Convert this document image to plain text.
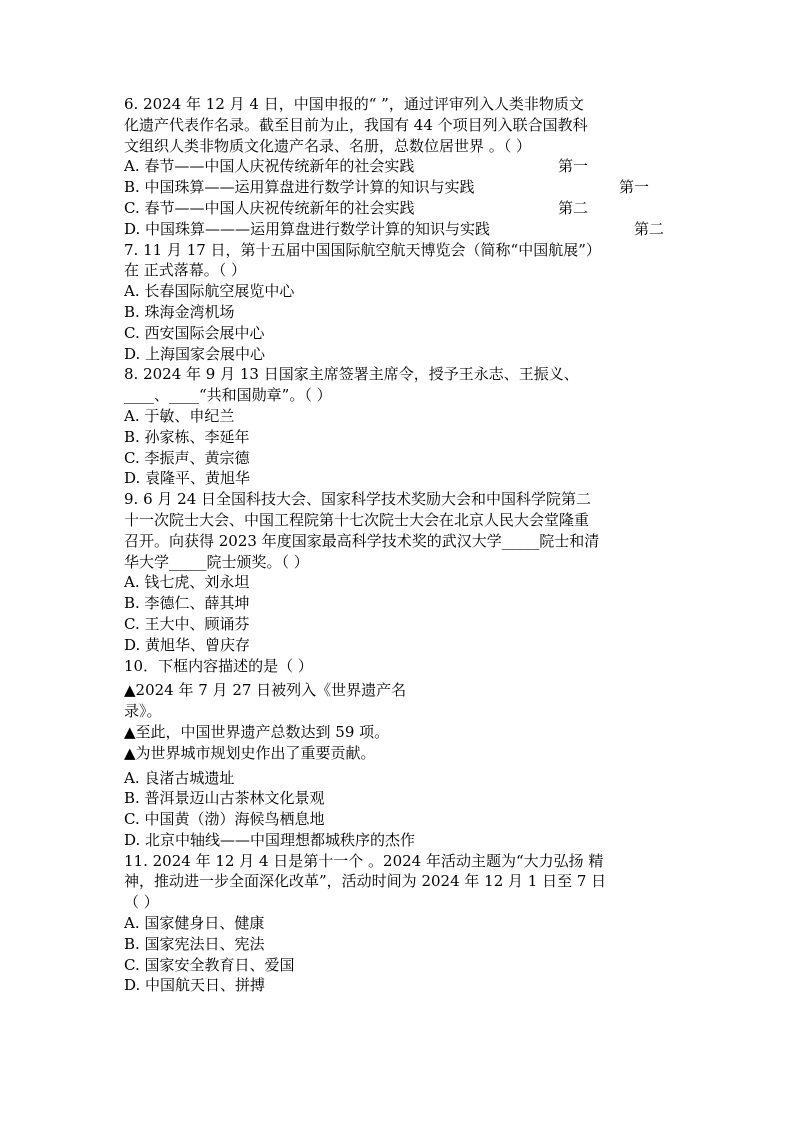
6. 2024 年 12 月 4 日，中国申报的“ ”，通过评审列入人类非物质文
化遗产代表作名录。截至目前为止，我国有 44 个项目列入联合国教科
文组织人类非物质文化遗产名录、名册，总数位居世界 。（ ）
A. 春节——中国人庆祝传统新年的社会实践	第一
B. 中国珠算——运用算盘进行数学计算的知识与实践	第一
C. 春节——中国人庆祝传统新年的社会实践	第二
D. 中国珠算———运用算盘进行数学计算的知识与实践	第二
7. 11 月 17 日，第十五届中国国际航空航天博览会（简称“中国航展”）
在 正式落幕。（ ）
A. 长春国际航空展览中心
B. 珠海金湾机场
C. 西安国际会展中心
D. 上海国家会展中心
8. 2024 年 9 月 13 日国家主席签署主席令，授予王永志、王振义、
____、____“共和国勋章”。（ ）
A. 于敏、申纪兰
B. 孙家栋、李延年
C. 李振声、黄宗德
D. 袁隆平、黄旭华
9. 6 月 24 日全国科技大会、国家科学技术奖励大会和中国科学院第二
十一次院士大会、中国工程院第十七次院士大会在北京人民大会堂隆重
召开。向获得 2023 年度国家最高科学技术奖的武汉大学_____院士和清
华大学_____院士颁奖。（ ）
A. 钱七虎、刘永坦
B. 李德仁、薛其坤
C. 王大中、顾诵芬
D. 黄旭华、曾庆存
10．下框内容描述的是（ ）
▲2024 年 7 月 27 日被列入《世界遗产名
录》。
▲至此，中国世界遗产总数达到 59 项。
▲为世界城市规划史作出了重要贡献。
A. 良渚古城遗址
B. 普洱景迈山古茶林文化景观
C. 中国黄（渤）海候鸟栖息地
D. 北京中轴线——中国理想都城秩序的杰作
11. 2024 年 12 月 4 日是第十一个 。2024 年活动主题为“大力弘扬 精
神，推动进一步全面深化改革”，活动时间为 2024 年 12 月 1 日至 7 日
（ ）
A. 国家健身日、健康
B. 国家宪法日、宪法
C. 国家安全教育日、爱国
D. 中国航天日、拼搏
